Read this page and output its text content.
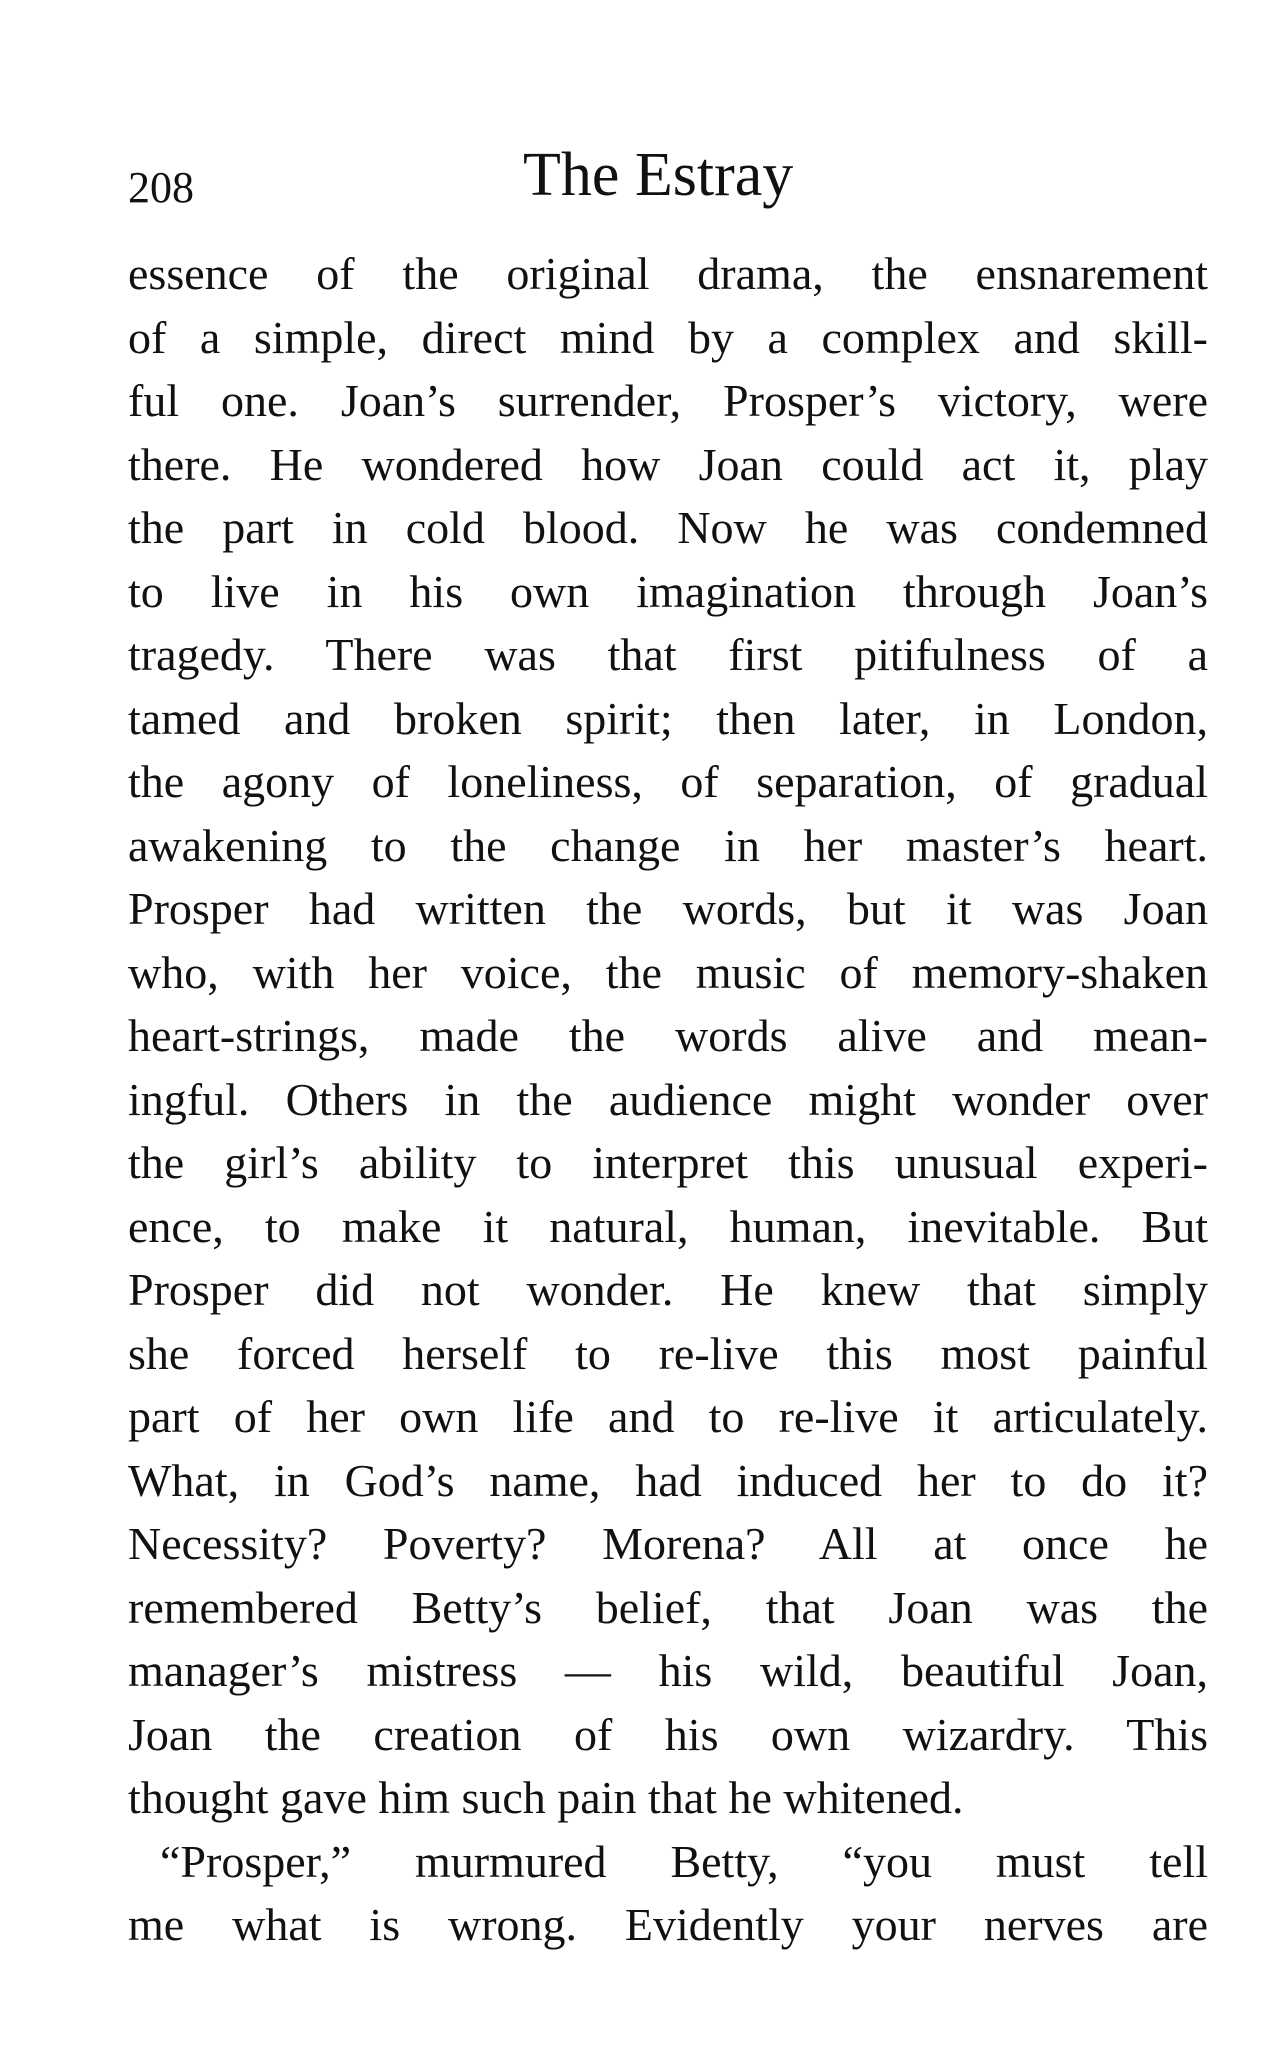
208	The Estray
essence of the original drama, the ensnarement
of a simple, direct mind by a complex and skill-
ful one. Joan’s surrender, Prosper’s victory, were
there. He wondered how Joan could act it, play
the part in cold blood. Now he was condemned
to live in his own imagination through Joan’s
tragedy. There was that first pitifulness of a
tamed and broken spirit; then later, in London,
the agony of loneliness, of separation, of gradual
awakening to the change in her master’s heart.
Prosper had written the words, but it was Joan
who, with her voice, the music of memory-shaken
heart-strings, made the words alive and mean-
ingful. Others in the audience might wonder over
the girl’s ability to interpret this unusual experi-
ence, to make it natural, human, inevitable. But
Prosper did not wonder. He knew that simply
she forced herself to re-live this most painful
part of her own life and to re-live it articulately.
What, in God’s name, had induced her to do it?
Necessity? Poverty? Morena? All at once he
remembered Betty’s belief, that Joan was the
manager’s mistress — his wild, beautiful Joan,
Joan the creation of his own wizardry. This
thought gave him such pain that he whitened.
“Prosper,” murmured Betty, “you must tell
me what is wrong. Evidently your nerves are
